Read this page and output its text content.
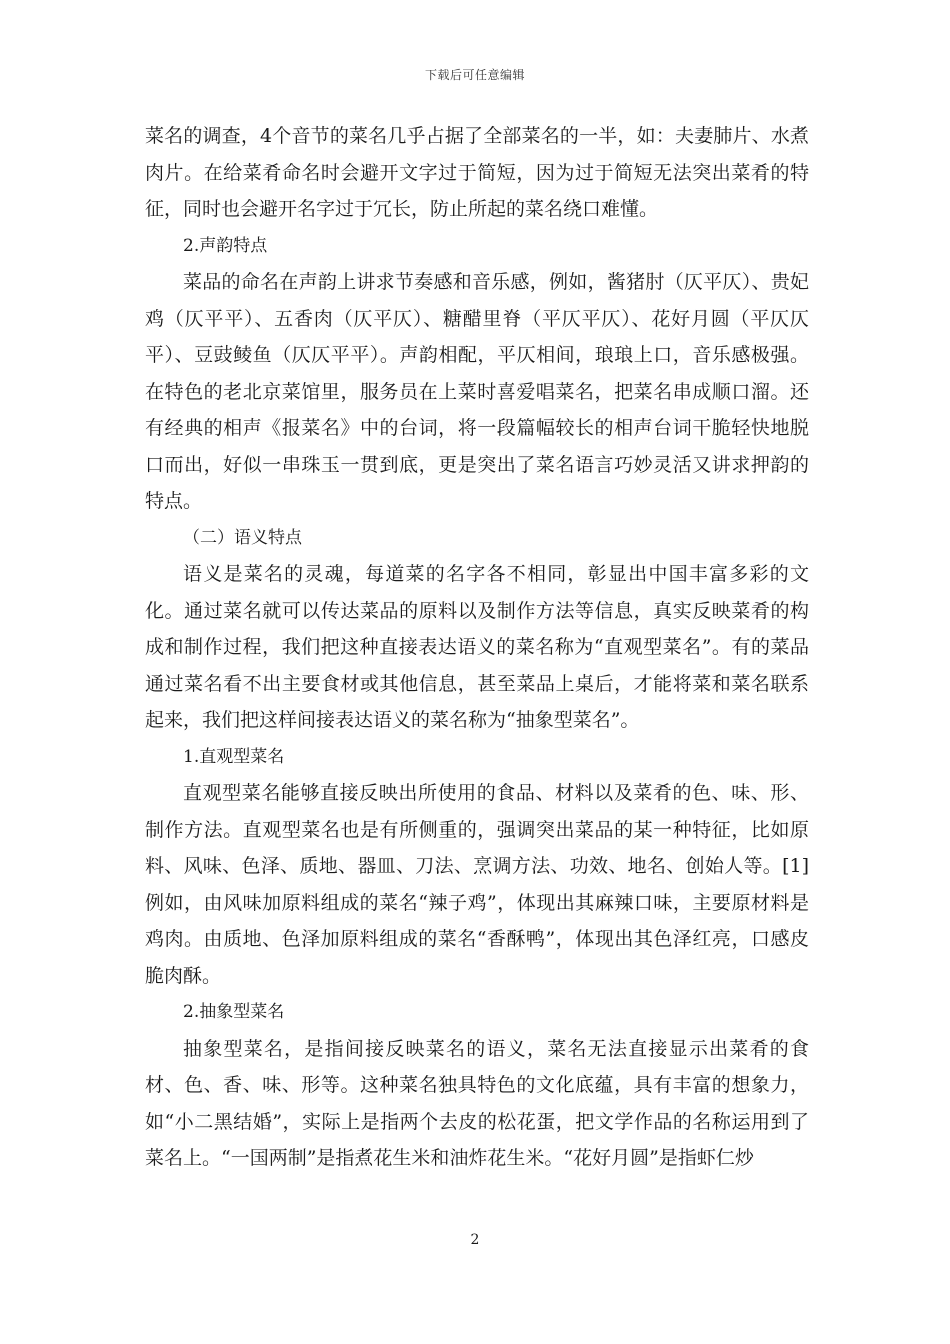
下载后可任意编辑

菜名的调查，4个音节的菜名几乎占据了全部菜名的一半，如：夫妻肺片、水煮肉片。在给菜肴命名时会避开文字过于简短，因为过于简短无法突出菜肴的特征，同时也会避开名字过于冗长，防止所起的菜名绕口难懂。

2.声韵特点

菜品的命名在声韵上讲求节奏感和音乐感，例如，酱猪肘（仄平仄）、贵妃鸡（仄平平）、五香肉（仄平仄）、糖醋里脊（平仄平仄）、花好月圆（平仄仄平）、豆豉鲮鱼（仄仄平平）。声韵相配，平仄相间，琅琅上口，音乐感极强。在特色的老北京菜馆里，服务员在上菜时喜爱唱菜名，把菜名串成顺口溜。还有经典的相声《报菜名》中的台词，将一段篇幅较长的相声台词干脆轻快地脱口而出，好似一串珠玉一贯到底，更是突出了菜名语言巧妙灵活又讲求押韵的特点。

（二）语义特点

语义是菜名的灵魂，每道菜的名字各不相同，彰显出中国丰富多彩的文化。通过菜名就可以传达菜品的原料以及制作方法等信息，真实反映菜肴的构成和制作过程，我们把这种直接表达语义的菜名称为“直观型菜名”。有的菜品通过菜名看不出主要食材或其他信息，甚至菜品上桌后，才能将菜和菜名联系起来，我们把这样间接表达语义的菜名称为“抽象型菜名”。

1.直观型菜名

直观型菜名能够直接反映出所使用的食品、材料以及菜肴的色、味、形、制作方法。直观型菜名也是有所侧重的，强调突出菜品的某一种特征，比如原料、风味、色泽、质地、器皿、刀法、烹调方法、功效、地名、创始人等。[1]例如，由风味加原料组成的菜名“辣子鸡”，体现出其麻辣口味，主要原材料是鸡肉。由质地、色泽加原料组成的菜名“香酥鸭”，体现出其色泽红亮，口感皮脆肉酥。

2.抽象型菜名

抽象型菜名，是指间接反映菜名的语义，菜名无法直接显示出菜肴的食材、色、香、味、形等。这种菜名独具特色的文化底蕴，具有丰富的想象力，如“小二黑结婚”，实际上是指两个去皮的松花蛋，把文学作品的名称运用到了菜名上。“一国两制”是指煮花生米和油炸花生米。“花好月圆”是指虾仁炒

2
